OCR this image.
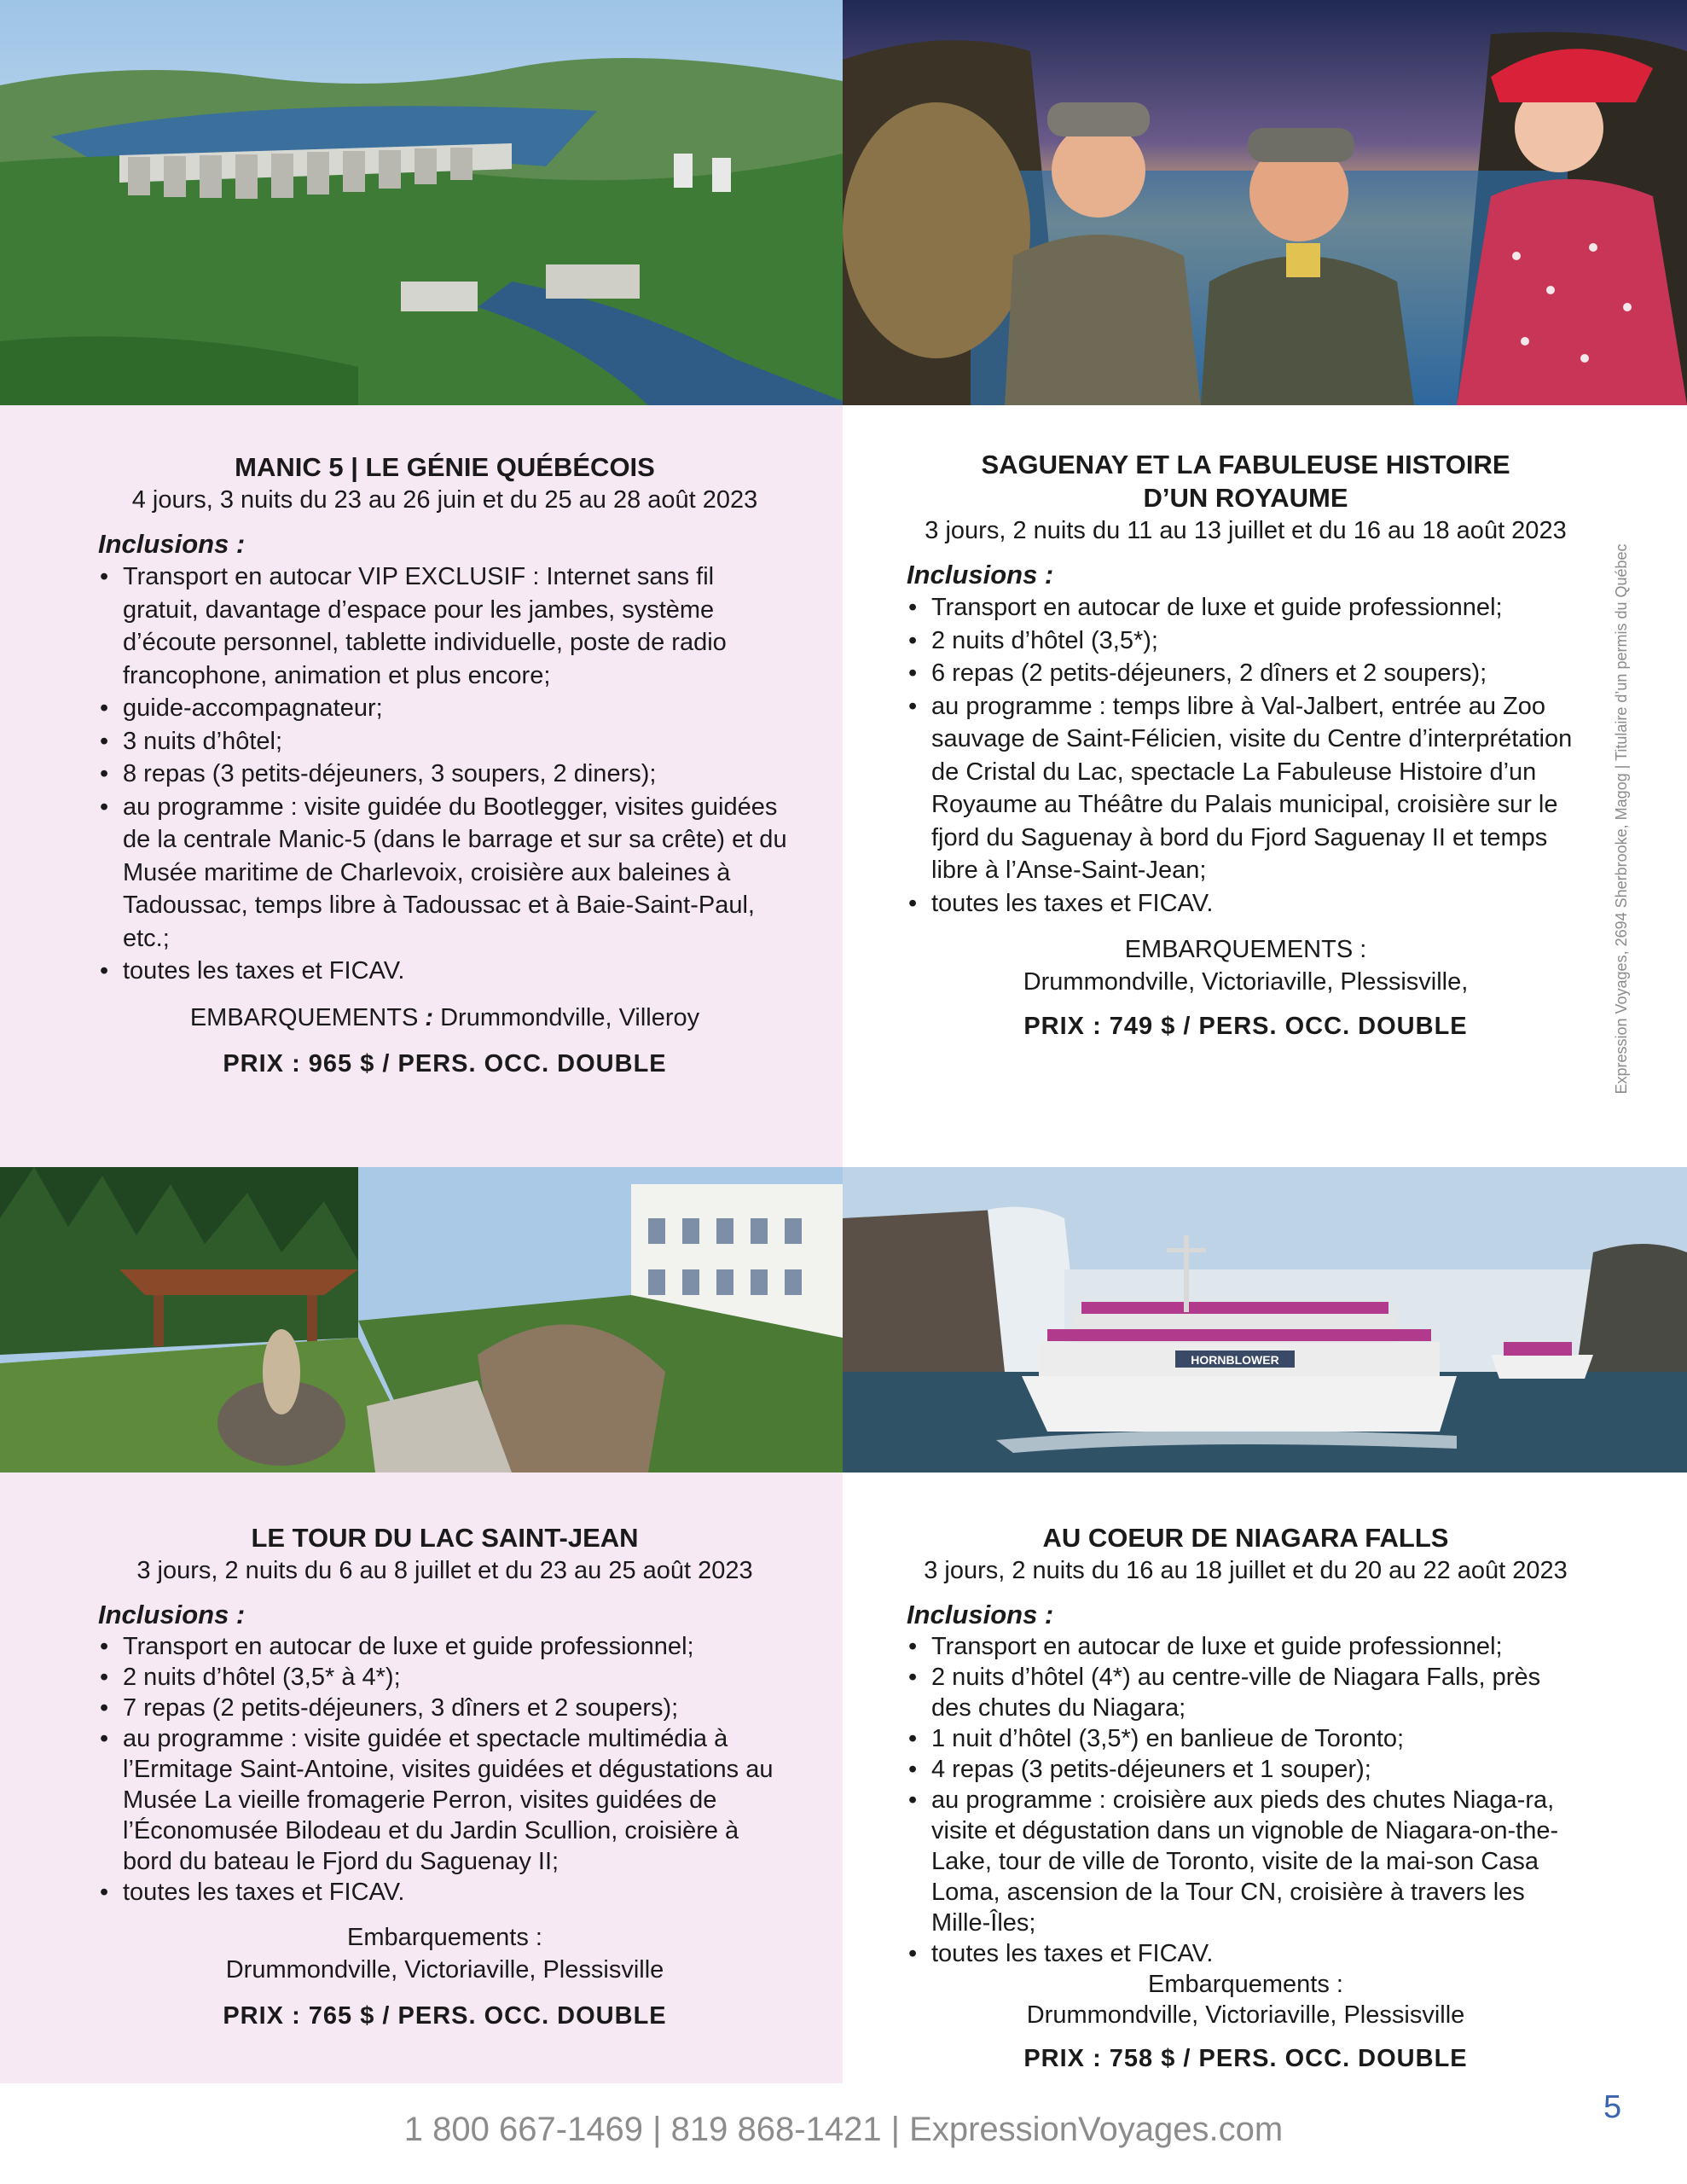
MANIC 5 | LE GÉNIE QUÉBÉCOIS

4 jours, 3 nuits du 23 au 26 juin et du 25 au 28 août 2023

Inclusions :

• Transport en autocar VIP EXCLUSIF : Internet sans fil gratuit, davantage d’espace pour les jambes, système d’écoute personnel, tablette individuelle, poste de radio francophone, animation et plus encore;
• guide-accompagnateur;
• 3 nuits d’hôtel;
• 8 repas (3 petits-déjeuners, 3 soupers, 2 diners);
• au programme : visite guidée du Bootlegger, visites guidées de la centrale Manic-5 (dans le barrage et sur sa crête) et du Musée maritime de Charlevoix, croisière aux baleines à Tadoussac, temps libre à Tadoussac et à Baie-Saint-Paul, etc.;
• toutes les taxes et FICAV.

EMBARQUEMENTS : Drummondville, Villeroy

PRIX : 965 $ / PERS. OCC. DOUBLE

SAGUENAY ET LA FABULEUSE HISTOIRE D’UN ROYAUME

3 jours, 2 nuits du 11 au 13 juillet et du 16 au 18 août 2023

Inclusions :

• Transport en autocar de luxe et guide professionnel;
• 2 nuits d’hôtel (3,5*);
• 6 repas (2 petits-déjeuners, 2 dîners et 2 soupers);
• au programme : temps libre à Val-Jalbert, entrée au Zoo sauvage de Saint-Félicien, visite du Centre d’interprétation de Cristal du Lac, spectacle La Fabuleuse Histoire d’un Royaume au Théâtre du Palais municipal, croisière sur le fjord du Saguenay à bord du Fjord Saguenay II et temps libre à l’Anse-Saint-Jean;
• toutes les taxes et FICAV.

EMBARQUEMENTS :

Drummondville, Victoriaville, Plessisville,

PRIX : 749 $ / PERS. OCC. DOUBLE	Expression Voyages, 2694 Sherbrooke, Magog | Titulaire d’un permis du Québec
HORNBLOWER

LE TOUR DU LAC SAINT-JEAN

3 jours, 2 nuits du 6 au 8 juillet et du 23 au 25 août 2023

Inclusions :

• Transport en autocar de luxe et guide professionnel;
• 2 nuits d’hôtel (3,5* à 4*);
• 7 repas (2 petits-déjeuners, 3 dîners et 2 soupers);
• au programme : visite guidée et spectacle multimédia à l’Ermitage Saint-Antoine, visites guidées et dégustations au Musée La vieille fromagerie Perron, visites guidées de l’Économusée Bilodeau et du Jardin Scullion, croisière à bord du bateau le Fjord du Saguenay II;
• toutes les taxes et FICAV.

Embarquements :

Drummondville, Victoriaville, Plessisville

PRIX : 765 $ / PERS. OCC. DOUBLE

AU COEUR DE NIAGARA FALLS

3 jours, 2 nuits du 16 au 18 juillet et du 20 au 22 août 2023

Inclusions :

• Transport en autocar de luxe et guide professionnel;
• 2 nuits d’hôtel (4*) au centre-ville de Niagara Falls, près des chutes du Niagara;
• 1 nuit d’hôtel (3,5*) en banlieue de Toronto;
• 4 repas (3 petits-déjeuners et 1 souper);
• au programme : croisière aux pieds des chutes Niaga-ra, visite et dégustation dans un vignoble de Niagara-on-the-Lake, tour de ville de Toronto, visite de la mai-son Casa Loma, ascension de la Tour CN, croisière à travers les Mille-Îles;
• toutes les taxes et FICAV.

Embarquements :

Drummondville, Victoriaville, Plessisville

PRIX : 758 $ / PERS. OCC. DOUBLE

1 800 667-1469 | 819 868-1421 | ExpressionVoyages.com
5
